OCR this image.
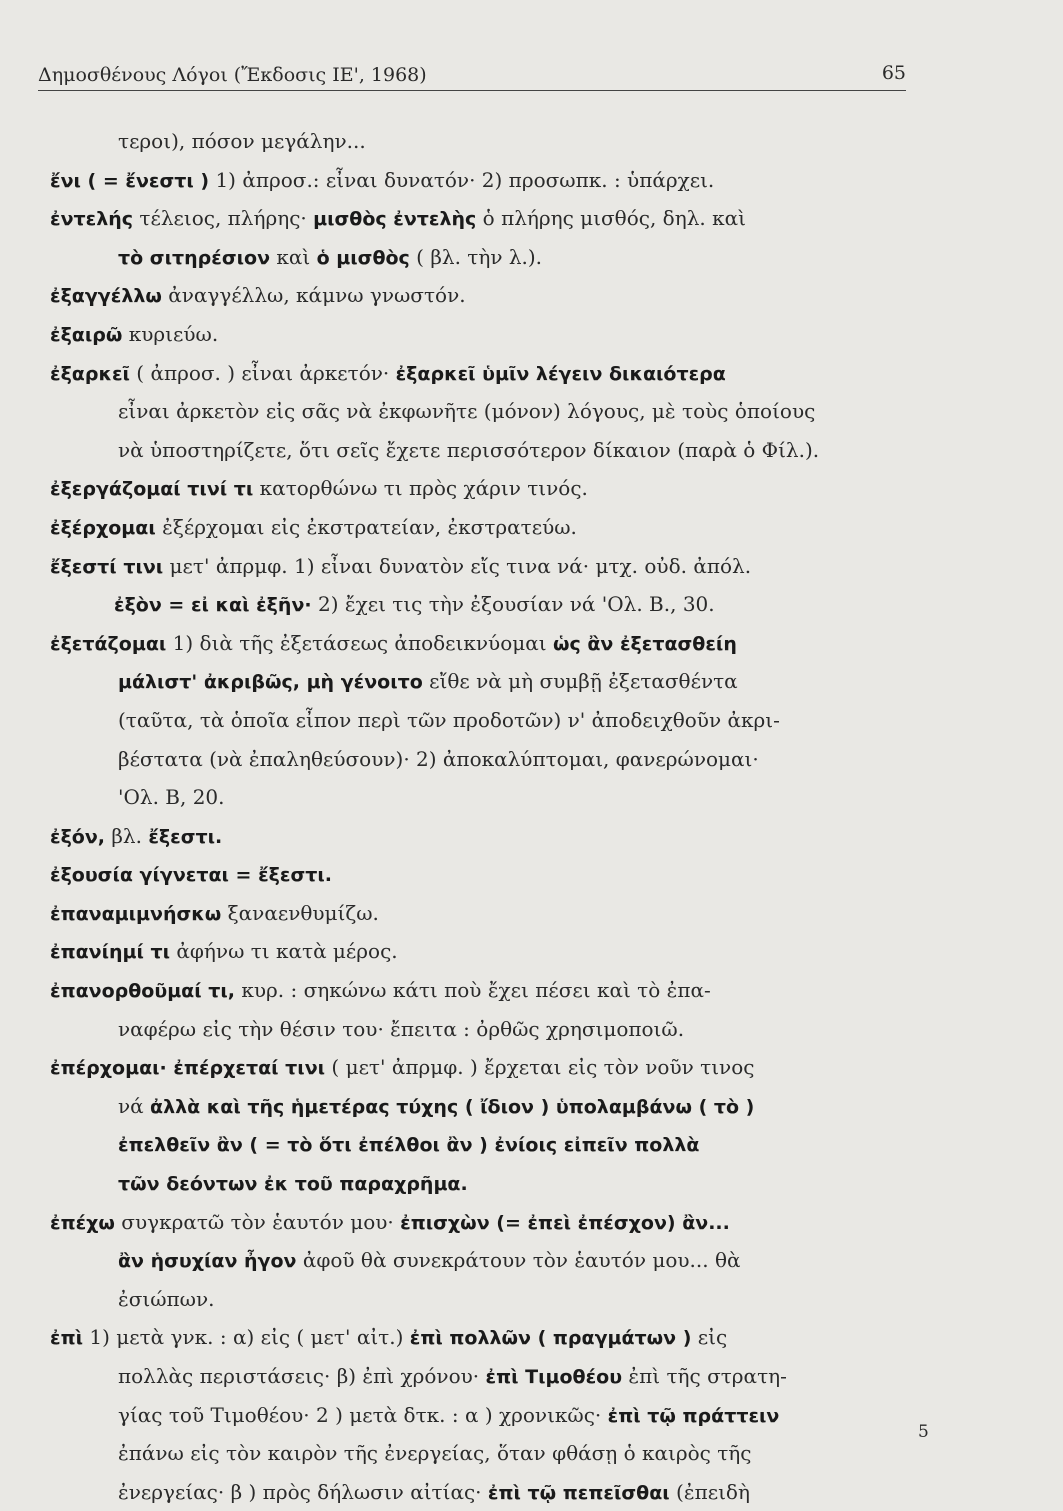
Δημοσθένους Λόγοι (Ἔκδοσις ΙΕ', 1968)	65
τεροι), πόσον μεγάλην...
ἔνι ( = ἔνεστι ) 1) ἀπροσ.: εἶναι δυνατόν· 2) προσωπκ. : ὑπάρχει.
ἐντελής τέλειος, πλήρης· μισθὸς ἐντελὴς ὁ πλήρης μισθός, δηλ. καὶ
τὸ σιτηρέσιον καὶ ὁ μισθὸς ( βλ. τὴν λ.).
ἐξαγγέλλω ἀναγγέλλω, κάμνω γνωστόν.
ἐξαιρῶ κυριεύω.
ἐξαρκεῖ ( ἀπροσ. ) εἶναι ἀρκετόν· ἐξαρκεῖ ὑμῖν λέγειν δικαιότερα
εἶναι ἀρκετὸν εἰς σᾶς νὰ ἐκφωνῆτε (μόνον) λόγους, μὲ τοὺς ὁποίους
νὰ ὑποστηρίζετε, ὅτι σεῖς ἔχετε περισσότερον δίκαιον (παρὰ ὁ Φίλ.).
ἐξεργάζομαί τινί τι κατορθώνω τι πρὸς χάριν τινός.
ἐξέρχομαι ἐξέρχομαι εἰς ἐκστρατείαν, ἐκστρατεύω.
ἔξεστί τινι μετ' ἀπρμφ. 1) εἶναι δυνατὸν εἴς τινα νά· μτχ. οὐδ. ἀπόλ.
ἐξὸν = εἰ καὶ ἐξῆν· 2) ἔχει τις τὴν ἐξουσίαν νά 'Ολ. Β., 30.
ἐξετάζομαι 1) διὰ τῆς ἐξετάσεως ἀποδεικνύομαι ὡς ἂν ἐξετασθείη
μάλιστ' ἀκριβῶς, μὴ γένοιτο εἴθε νὰ μὴ συμβῇ ἐξετασθέντα
(ταῦτα, τὰ ὁποῖα εἶπον περὶ τῶν προδοτῶν) ν' ἀποδειχθοῦν ἀκρι-
βέστατα (νὰ ἐπαληθεύσουν)· 2) ἀποκαλύπτομαι, φανερώνομαι·
'Ολ. Β, 20.
ἐξόν, βλ. ἔξεστι.
ἐξουσία γίγνεται = ἔξεστι.
ἐπαναμιμνήσκω ξαναενθυμίζω.
ἐπανίημί τι ἀφήνω τι κατὰ μέρος.
ἐπανορθοῦμαί τι, κυρ. : σηκώνω κάτι ποὺ ἔχει πέσει καὶ τὸ ἐπα-
ναφέρω εἰς τὴν θέσιν του· ἔπειτα : ὀρθῶς χρησιμοποιῶ.
ἐπέρχομαι· ἐπέρχεταί τινι ( μετ' ἀπρμφ. ) ἔρχεται εἰς τὸν νοῦν τινος
νά ἀλλὰ καὶ τῆς ἡμετέρας τύχης ( ἴδιον ) ὑπολαμβάνω ( τὸ )
ἐπελθεῖν ἂν ( = τὸ ὅτι ἐπέλθοι ἂν ) ἐνίοις εἰπεῖν πολλὰ
τῶν δεόντων ἐκ τοῦ παραχρῆμα.
ἐπέχω συγκρατῶ τὸν ἑαυτόν μου· ἐπισχὼν (= ἐπεὶ ἐπέσχον) ἂν...
ἂν ἡσυχίαν ἦγον ἀφοῦ θὰ συνεκράτουν τὸν ἑαυτόν μου... θὰ
ἐσιώπων.
ἐπὶ 1) μετὰ γνκ. : α) εἰς ( μετ' αἰτ.) ἐπὶ πολλῶν ( πραγμάτων ) εἰς
πολλὰς περιστάσεις· β) ἐπὶ χρόνου· ἐπὶ Τιμοθέου ἐπὶ τῆς στρατη-
γίας τοῦ Τιμοθέου· 2 ) μετὰ δτκ. : α ) χρονικῶς· ἐπὶ τῷ πράττειν
ἐπάνω εἰς τὸν καιρὸν τῆς ἐνεργείας, ὅταν φθάσῃ ὁ καιρὸς τῆς
ἐνεργείας· β ) πρὸς δήλωσιν αἰτίας· ἐπὶ τῷ πεπεῖσθαι (ἐπειδὴ
5
